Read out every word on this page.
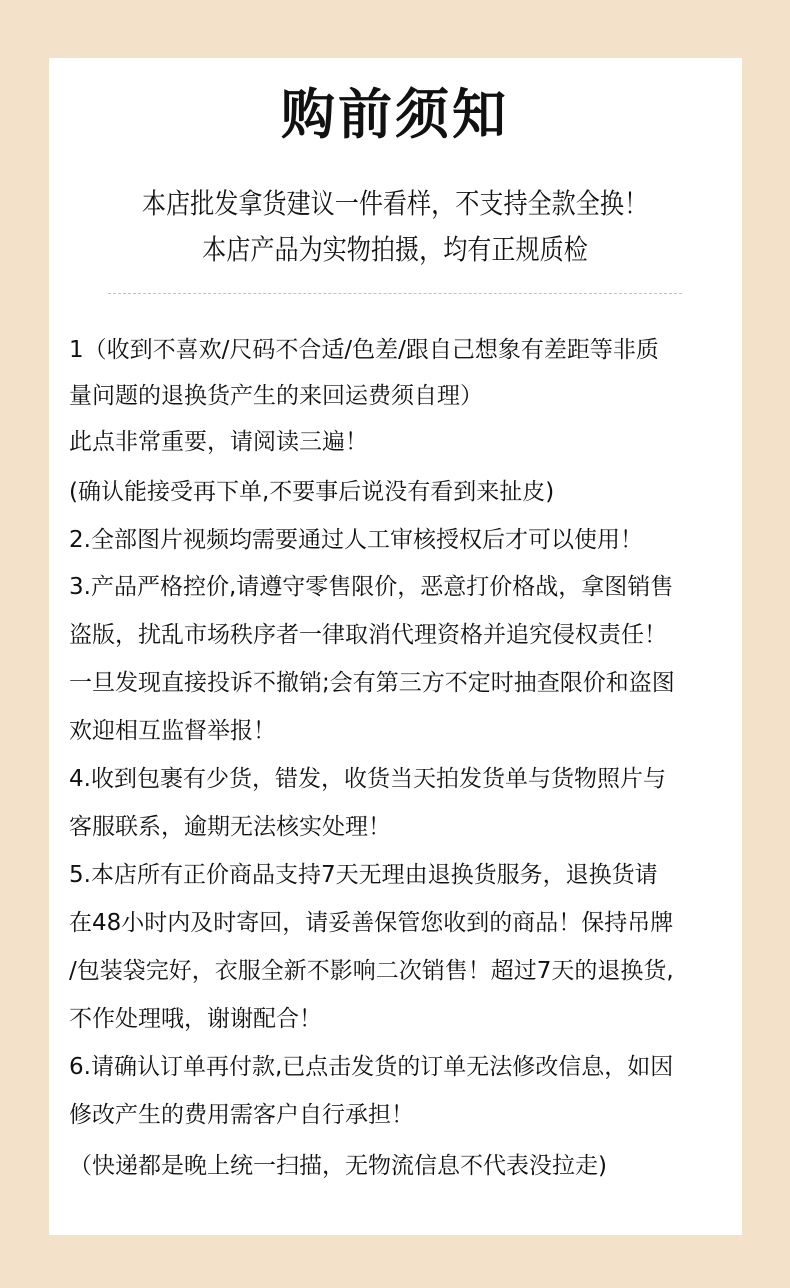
购前须知
本店批发拿货建议一件看样，不支持全款全换！
本店产品为实物拍摄，均有正规质检
1（收到不喜欢/尺码不合适/色差/跟自己想象有差距等非质
量问题的退换货产生的来回运费须自理）
此点非常重要，请阅读三遍！
(确认能接受再下单,不要事后说没有看到来扯皮)
2.全部图片视频均需要通过人工审核授权后才可以使用！
3.产品严格控价,请遵守零售限价，恶意打价格战，拿图销售
盗版，扰乱市场秩序者一律取消代理资格并追究侵权责任！
一旦发现直接投诉不撤销;会有第三方不定时抽查限价和盗图
欢迎相互监督举报！
4.收到包裹有少货，错发，收货当天拍发货单与货物照片与
客服联系，逾期无法核实处理！
5.本店所有正价商品支持7天无理由退换货服务，退换货请
在48小时内及时寄回，请妥善保管您收到的商品！保持吊牌
/包装袋完好，衣服全新不影响二次销售！超过7天的退换货,
不作处理哦，谢谢配合！
6.请确认订单再付款,已点击发货的订单无法修改信息，如因
修改产生的费用需客户自行承担！
（快递都是晚上统一扫描，无物流信息不代表没拉走)
